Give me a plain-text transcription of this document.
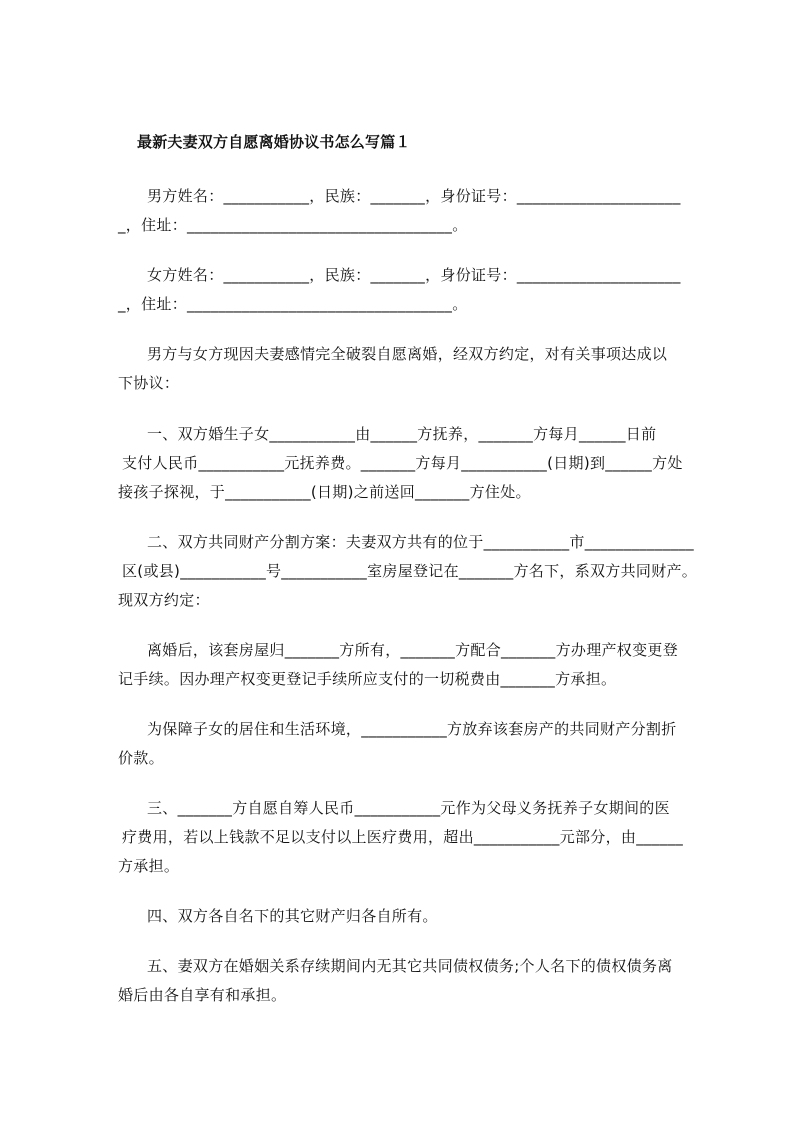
最新夫妻双方自愿离婚协议书怎么写篇１
男方姓名：___________，民族：_______，身份证号：_____________________
_，住址：__________________________________。
女方姓名：___________，民族：_______，身份证号：_____________________
_，住址：__________________________________。
男方与女方现因夫妻感情完全破裂自愿离婚，经双方约定，对有关事项达成以
下协议：
一、双方婚生子女___________由______方抚养，_______方每月______日前
支付人民币___________元抚养费。_______方每月___________(日期)到______方处
接孩子探视，于___________(日期)之前送回_______方住处。
二、双方共同财产分割方案：夫妻双方共有的位于___________市______________
区(或县)___________号___________室房屋登记在_______方名下，系双方共同财产。
现双方约定：
离婚后，该套房屋归_______方所有，_______方配合_______方办理产权变更登
记手续。因办理产权变更登记手续所应支付的一切税费由_______方承担。
为保障子女的居住和生活环境，___________方放弃该套房产的共同财产分割折
价款。
三、_______方自愿自筹人民币___________元作为父母义务抚养子女期间的医
疗费用，若以上钱款不足以支付以上医疗费用，超出___________元部分，由______
方承担。
四、双方各自名下的其它财产归各自所有。
五、妻双方在婚姻关系存续期间内无其它共同债权债务;个人名下的债权债务离
婚后由各自享有和承担。
